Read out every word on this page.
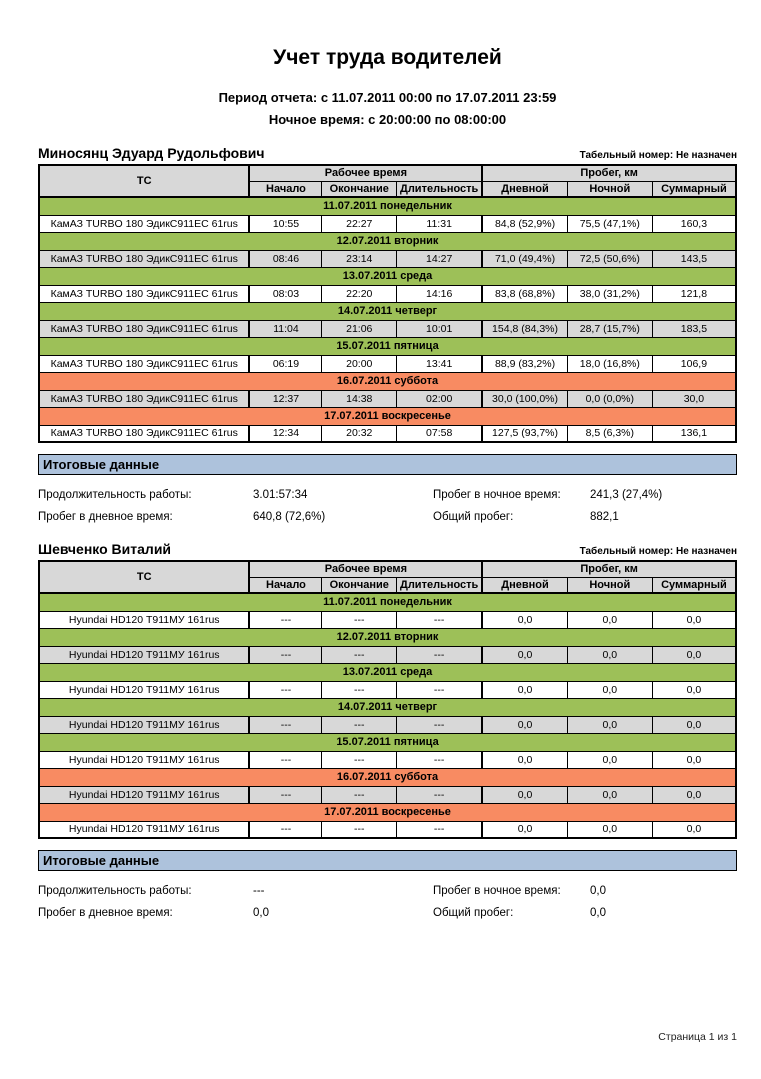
Учет труда водителей
Период отчета: с 11.07.2011 00:00 по 17.07.2011 23:59
Ночное время: с 20:00:00 по 08:00:00
Миносянц Эдуард Рудольфович	Табельный номер: Не назначен
ТС	Рабочее время			Пробег, км		
	Начало	Окончание	Длительность	Дневной	Ночной	Суммарный
11.07.2011 понедельник						
КамАЗ TURBO 180 ЭдикС911ЕС 61rus	10:55	22:27	11:31	84,8 (52,9%)	75,5 (47,1%)	160,3
12.07.2011 вторник						
КамАЗ TURBO 180 ЭдикС911ЕС 61rus	08:46	23:14	14:27	71,0 (49,4%)	72,5 (50,6%)	143,5
13.07.2011 среда						
КамАЗ TURBO 180 ЭдикС911ЕС 61rus	08:03	22:20	14:16	83,8 (68,8%)	38,0 (31,2%)	121,8
14.07.2011 четверг						
КамАЗ TURBO 180 ЭдикС911ЕС 61rus	11:04	21:06	10:01	154,8 (84,3%)	28,7 (15,7%)	183,5
15.07.2011 пятница						
КамАЗ TURBO 180 ЭдикС911ЕС 61rus	06:19	20:00	13:41	88,9 (83,2%)	18,0 (16,8%)	106,9
16.07.2011 суббота						
КамАЗ TURBO 180 ЭдикС911ЕС 61rus	12:37	14:38	02:00	30,0 (100,0%)	0,0 (0,0%)	30,0
17.07.2011 воскресенье						
КамАЗ TURBO 180 ЭдикС911ЕС 61rus	12:34	20:32	07:58	127,5 (93,7%)	8,5 (6,3%)	136,1
Итоговые данные
Продолжительность работы:	3.01:57:34	Пробег в ночное время:	241,3 (27,4%)
Пробег в дневное время:	640,8 (72,6%)	Общий пробег:	882,1
Шевченко Виталий	Табельный номер: Не назначен
ТС	Рабочее время			Пробег, км		
	Начало	Окончание	Длительность	Дневной	Ночной	Суммарный
11.07.2011 понедельник						
Hyundai HD120 Т911МУ 161rus	---	---	---	0,0	0,0	0,0
12.07.2011 вторник						
Hyundai HD120 Т911МУ 161rus	---	---	---	0,0	0,0	0,0
13.07.2011 среда						
Hyundai HD120 Т911МУ 161rus	---	---	---	0,0	0,0	0,0
14.07.2011 четверг						
Hyundai HD120 Т911МУ 161rus	---	---	---	0,0	0,0	0,0
15.07.2011 пятница						
Hyundai HD120 Т911МУ 161rus	---	---	---	0,0	0,0	0,0
16.07.2011 суббота						
Hyundai HD120 Т911МУ 161rus	---	---	---	0,0	0,0	0,0
17.07.2011 воскресенье						
Hyundai HD120 Т911МУ 161rus	---	---	---	0,0	0,0	0,0
Итоговые данные
Продолжительность работы:	---	Пробег в ночное время:	0,0
Пробег в дневное время:	0,0	Общий пробег:	0,0
Страница 1 из 1
